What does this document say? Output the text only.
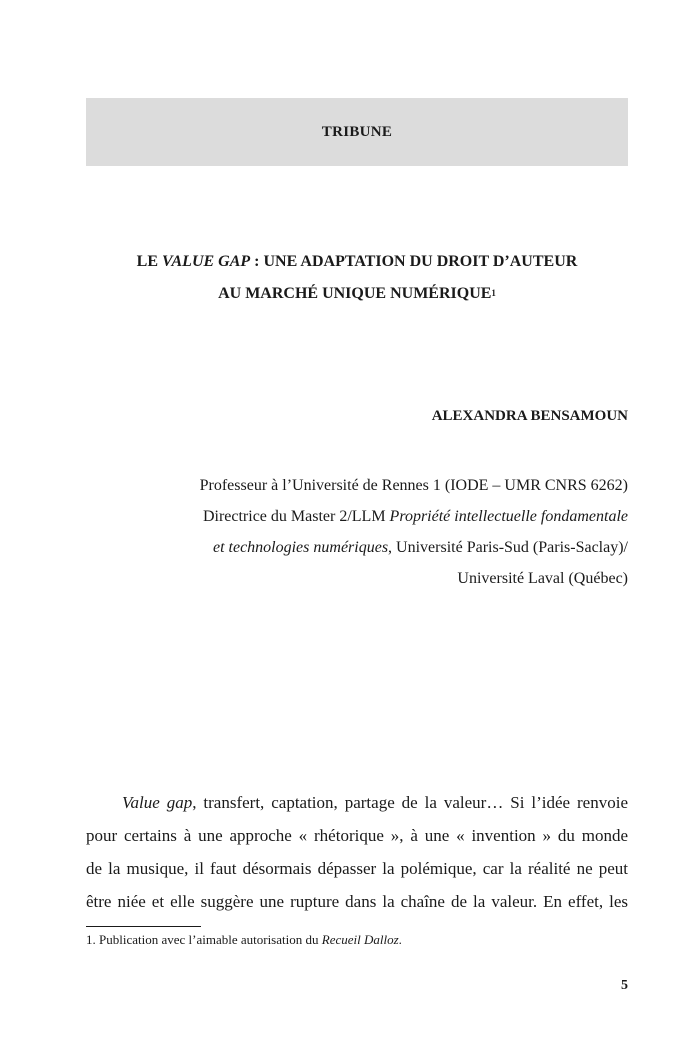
TRIBUNE
LE VALUE GAP : UNE ADAPTATION DU DROIT D’AUTEUR
AU MARCHÉ UNIQUE NUMÉRIQUE$^1$
ALEXANDRA BENSAMOUN
Professeur à l’Université de Rennes 1 (IODE – UMR CNRS 6262)
Directrice du Master 2/LLM Propriété intellectuelle fondamentale
et technologies numériques, Université Paris-Sud (Paris-Saclay)/
Université Laval (Québec)
Value gap, transfert, captation, partage de la valeur… Si l’idée renvoie
pour certains à une approche « rhétorique », à une « invention » du monde
de la musique, il faut désormais dépasser la polémique, car la réalité ne peut
être niée et elle suggère une rupture dans la chaîne de la valeur. En effet, les
1. Publication avec l’aimable autorisation du Recueil Dalloz.
5
